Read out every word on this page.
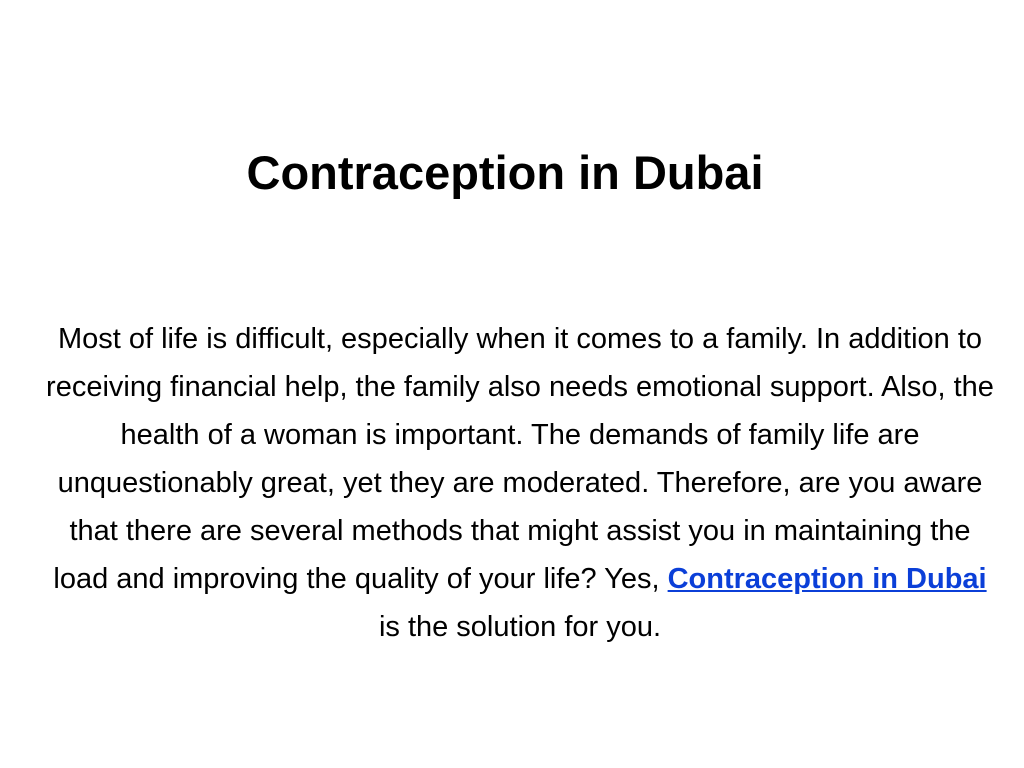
Contraception in Dubai

Most of life is difficult, especially when it comes to a family. In addition to receiving financial help, the family also needs emotional support. Also, the health of a woman is important. The demands of family life are unquestionably great, yet they are moderated. Therefore, are you aware that there are several methods that might assist you in maintaining the load and improving the quality of your life? Yes, Contraception in Dubai is the solution for you.
